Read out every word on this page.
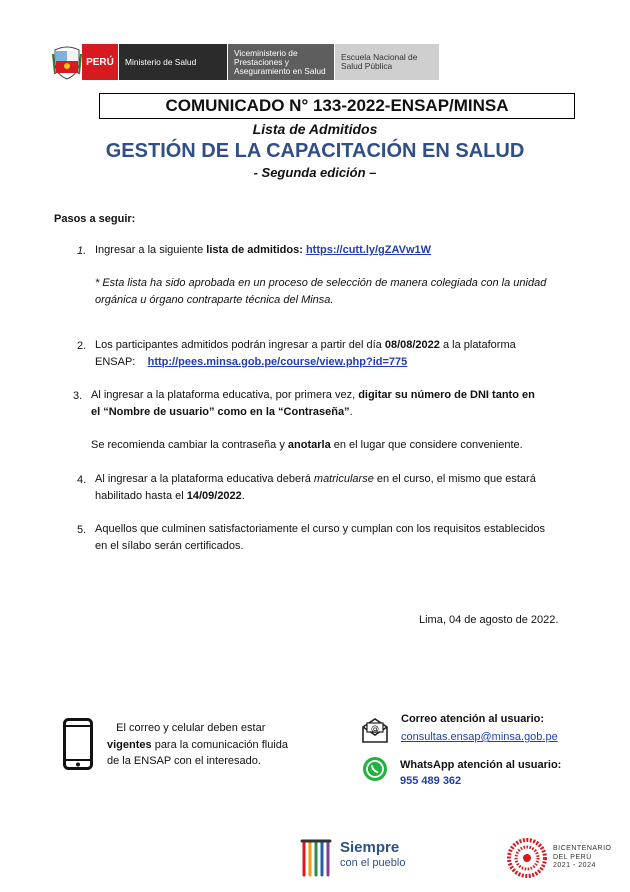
PERÚ	Ministerio de Salud
Viceministerio de Prestaciones y Aseguramiento en Salud
Escuela Nacional de Salud Pública
COMUNICADO N° 133-2022-ENSAP/MINSA
Lista de Admitidos
GESTIÓN DE LA CAPACITACIÓN EN SALUD
- Segunda edición –
Pasos a seguir:
1. Ingresar a la siguiente lista de admitidos: https://cutt.ly/gZAVw1W
* Esta lista ha sido aprobada en un proceso de selección de manera colegiada con la unidad orgánica u órgano contraparte técnica del Minsa.
2. Los participantes admitidos podrán ingresar a partir del día 08/08/2022 a la plataforma
ENSAP: http://pees.minsa.gob.pe/course/view.php?id=775
3. Al ingresar a la plataforma educativa, por primera vez, digitar su número de DNI tanto en
el “Nombre de usuario” como en la “Contraseña”.
Se recomienda cambiar la contraseña y anotarla en el lugar que considere conveniente.
4. Al ingresar a la plataforma educativa deberá matricularse en el curso, el mismo que estará
habilitado hasta el 14/09/2022.
5. Aquellos que culminen satisfactoriamente el curso y cumplan con los requisitos establecidos
en el sílabo serán certificados.
Lima, 04 de agosto de 2022.
El correo y celular deben estar
vigentes para la comunicación fluida
de la ENSAP con el interesado.
@
Correo atención al usuario:
consultas.ensap@minsa.gob.pe
WhatsApp atención al usuario:
955 489 362
Siempre
con el pueblo
BICENTENARIO
DEL PERÚ
2021 - 2024
